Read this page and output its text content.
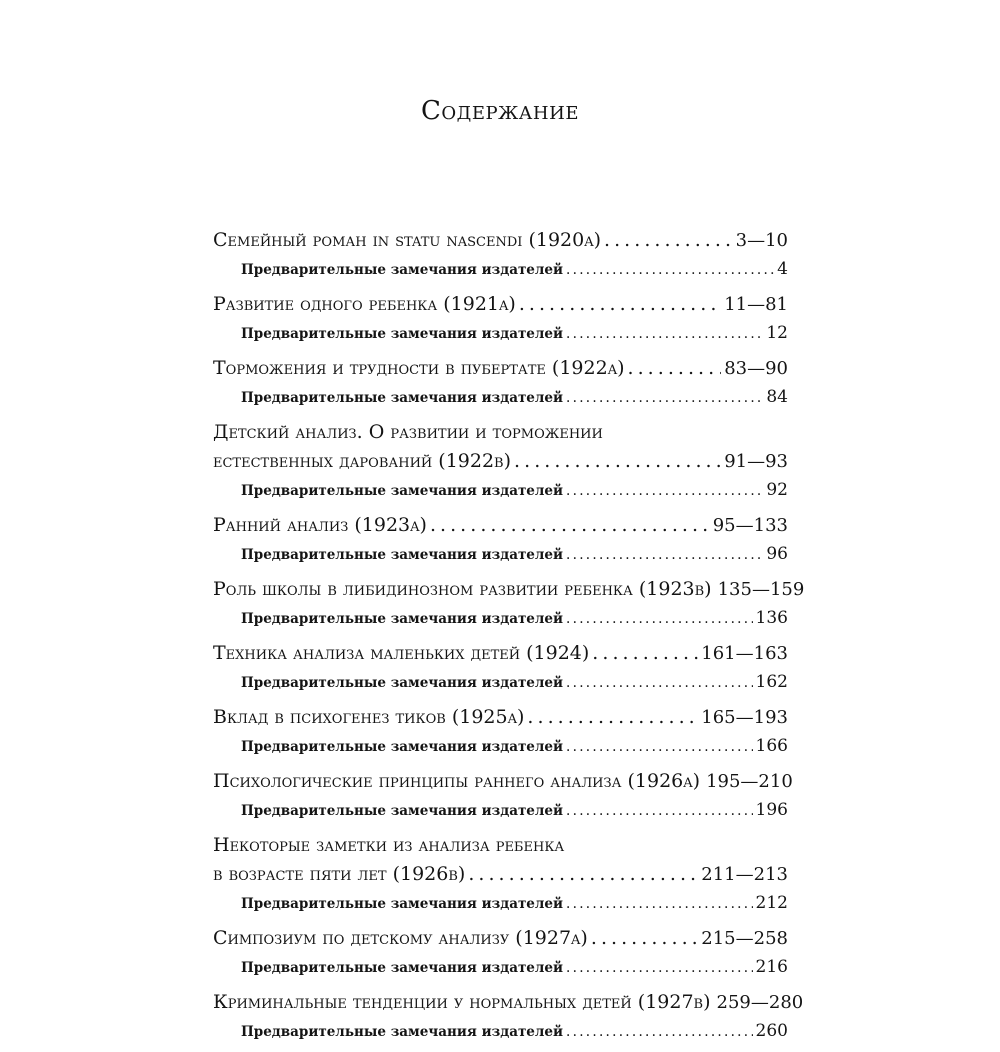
Содержание
Семейный роман in statu nascendi (1920a) . . .	3—10
Предварительные замечания издателей . . .	4
Развитие одного ребенка (1921a) . . .	11—81
Предварительные замечания издателей . . .	12
Торможения и трудности в пубертате (1922a) . . .	83—90
Предварительные замечания издателей . . .	84
Детский анализ. О развитии и торможении
естественных дарований (1922b) . . .	91—93
Предварительные замечания издателей . . .	92
Ранний анализ (1923a) . . .	95—133
Предварительные замечания издателей . . .	96
Роль школы в либидинозном развитии ребенка (1923b) 135—159
Предварительные замечания издателей . . .	136
Техника анализа маленьких детей (1924) . . .	161—163
Предварительные замечания издателей . . .	162
Вклад в психогенез тиков (1925a) . . .	165—193
Предварительные замечания издателей . . .	166
Психологические принципы раннего анализа (1926a) 195—210
Предварительные замечания издателей . . .	196
Некоторые заметки из анализа ребенка
в возрасте пяти лет (1926b) . . .	211—213
Предварительные замечания издателей . . .	212
Симпозиум по детскому анализу (1927a) . . .	215—258
Предварительные замечания издателей . . .	216
Криминальные тенденции у нормальных детей (1927b) 259—280
Предварительные замечания издателей . . .	260
